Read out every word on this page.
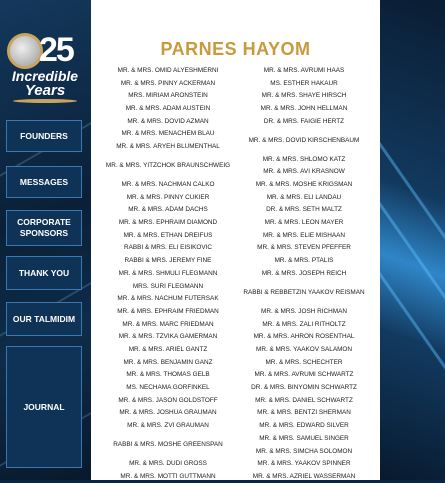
25
Incredible
Years
FOUNDERS
MESSAGES
CORPORATE SPONSORS
THANK YOU
OUR TALMIDIM
JOURNAL
PARNES HAYOM
MR. & MRS. OMID ALYESHMERNI
MR. & MRS. PINNY ACKERMAN
MRS. MIRIAM ARONSTEIN
MR. & MRS. ADAM AUSTEIN
MR. & MRS. DOVID AZMAN
MR. & MRS. MENACHEM BLAU
MR. & MRS. ARYEH BLUMENTHAL
MR. & MRS. YITZCHOK BRAUNSCHWEIG
MR. & MRS. NACHMAN CALKO
MR. & MRS. PINNY CUKIER
MR. & MRS. ADAM DACHS
MR. & MRS. EPHRAIM DIAMOND
MR. & MRS. ETHAN DREIFUS
RABBI & MRS. ELI EISIKOVIC
RABBI & MRS. JEREMY FINE
MR. & MRS. SHMULI FLEGMANN
MRS. SURI FLEGMANN
MR. & MRS. NACHUM FUTERSAK
MR. & MRS. EPHRAIM FRIEDMAN
MR. & MRS. MARC FRIEDMAN
MR. & MRS. TZVIKA GAMERMAN
MR. & MRS. ARIEL GANTZ
MR. & MRS. BENJAMIN GANZ
MR. & MRS. THOMAS GELB
MS. NECHAMA GORFINKEL
MR. & MRS. JASON GOLDSTOFF
MR. & MRS. JOSHUA GRAUMAN
MR. & MRS. ZVI GRAUMAN
RABBI & MRS. MOSHE GREENSPAN
MR. & MRS. DUDI GROSS
MR. & MRS. MOTTI GUTTMANN
MR. & MRS. AVRUMI HAAS
MS. ESTHER HAKAUR
MR. & MRS. SHAYE HIRSCH
MR. & MRS. JOHN HELLMAN
DR. & MRS. FAIGIE HERTZ
MR. & MRS. DOVID KIRSCHENBAUM
MR. & MRS. SHLOMO KATZ
MR. & MRS. AVI KRASNOW
MR. & MRS. MOSHE KRIGSMAN
MR. & MRS. ELI LANDAU
DR. & MRS. SETH MALTZ
MR. & MRS. LEON MAYER
MR. & MRS. ELIE MISHAAN
MR. & MRS. STEVEN PFEFFER
MR. & MRS. PTALIS
MR. & MRS. JOSEPH REICH
RABBI & REBBETZIN YAAKOV REISMAN
MR. & MRS. JOSH RICHMAN
MR. & MRS. ZALI RITHOLTZ
MR. & MRS. AHRON ROSENTHAL
MR. & MRS. YAAKOV SALAMON
MR. & MRS. SCHECHTER
MR. & MRS. AVRUMI SCHWARTZ
DR. & MRS. BINYOMIN SCHWARTZ
MR. & MRS. DANIEL SCHWARTZ
MR. & MRS. BENTZI SHERMAN
MR. & MRS. EDWARD SILVER
MR. & MRS. SAMUEL SINGER
MR. & MRS. SIMCHA SOLOMON
MR. & MRS. YAAKOV SPINNER
MR. & MRS. AZRIEL WASSERMAN
